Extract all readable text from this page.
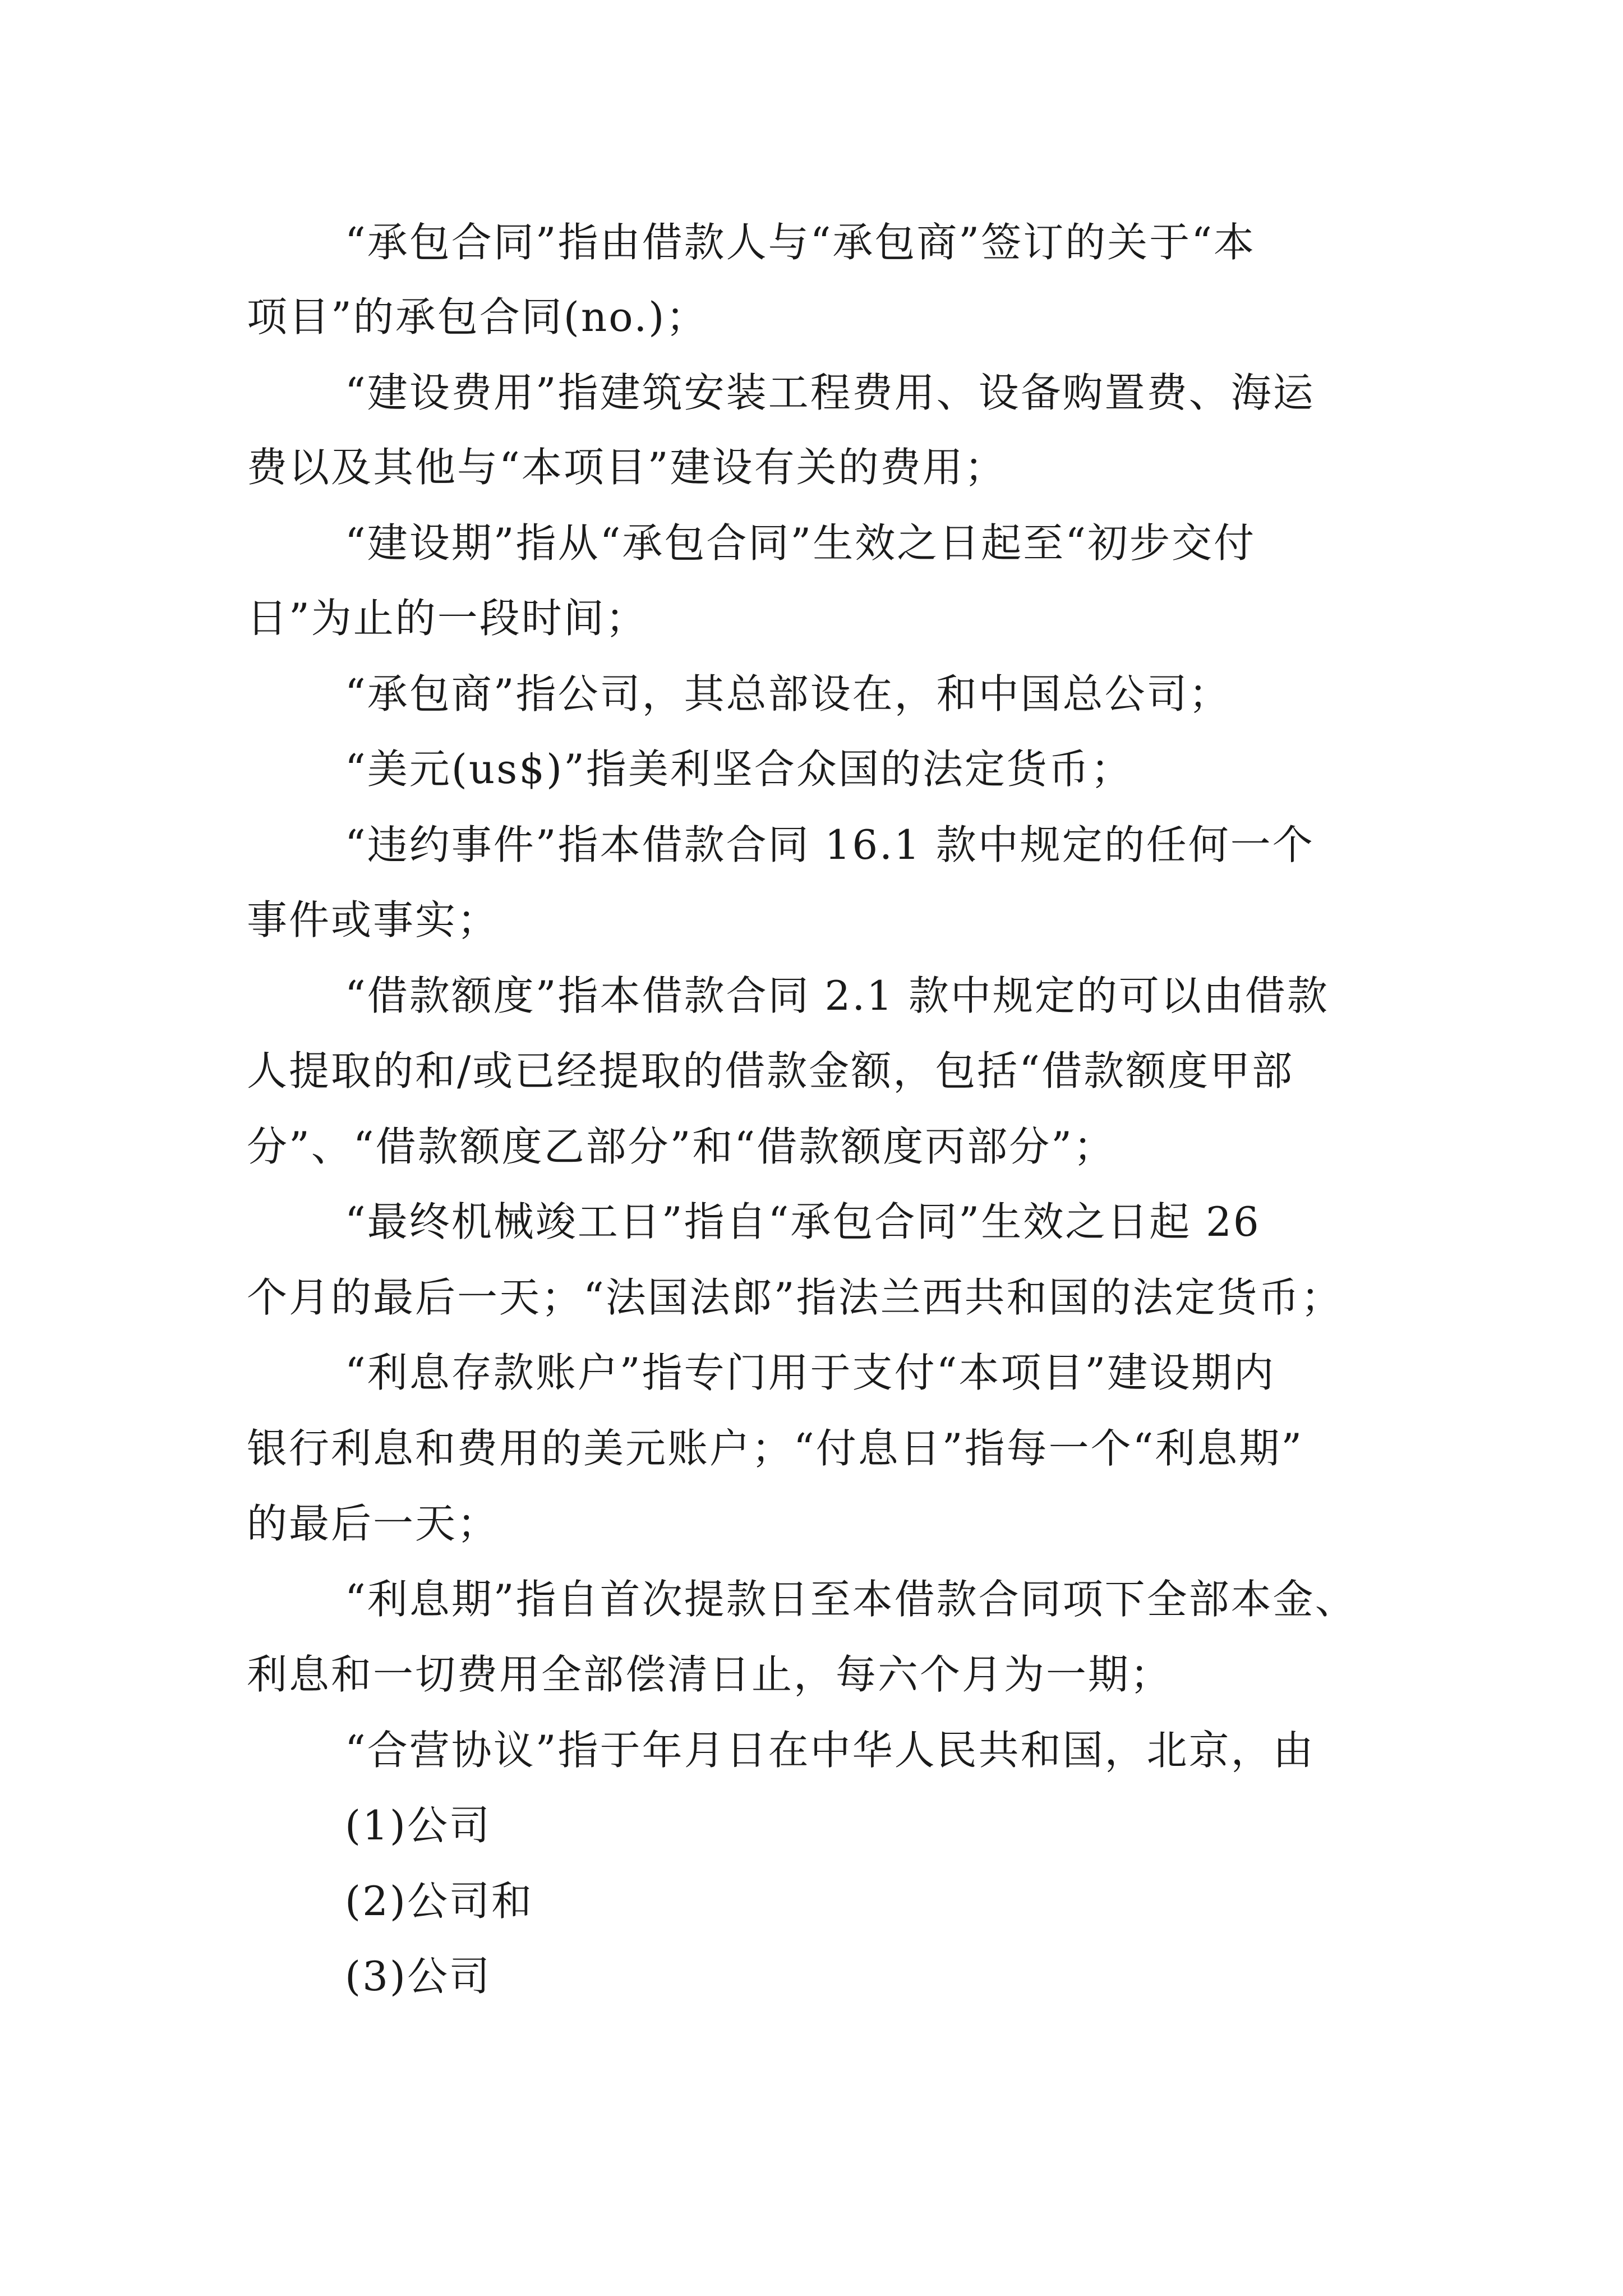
“承包合同”指由借款人与“承包商”签订的关于“本
项目”的承包合同(no.)；
“建设费用”指建筑安装工程费用、设备购置费、海运
费以及其他与“本项目”建设有关的费用；
“建设期”指从“承包合同”生效之日起至“初步交付
日”为止的一段时间；
“承包商”指公司，其总部设在，和中国总公司；
“美元(us$)”指美利坚合众国的法定货币；
“违约事件”指本借款合同 16.1 款中规定的任何一个
事件或事实；
“借款额度”指本借款合同 2.1 款中规定的可以由借款
人提取的和/或已经提取的借款金额，包括“借款额度甲部
分”、“借款额度乙部分”和“借款额度丙部分”；
“最终机械竣工日”指自“承包合同”生效之日起 26
个月的最后一天；“法国法郎”指法兰西共和国的法定货币；
“利息存款账户”指专门用于支付“本项目”建设期内
银行利息和费用的美元账户；“付息日”指每一个“利息期”
的最后一天；
“利息期”指自首次提款日至本借款合同项下全部本金、
利息和一切费用全部偿清日止，每六个月为一期；
“合营协议”指于年月日在中华人民共和国，北京，由
(1)公司
(2)公司和
(3)公司
